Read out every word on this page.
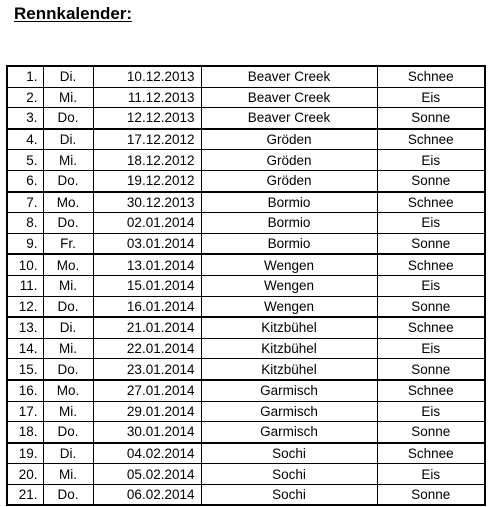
Rennkalender:
1.	Di.	10.12.2013	Beaver Creek	Schnee
2.	Mi.	11.12.2013	Beaver Creek	Eis
3.	Do.	12.12.2013	Beaver Creek	Sonne
4.	Di.	17.12.2012	Gröden	Schnee
5.	Mi.	18.12.2012	Gröden	Eis
6.	Do.	19.12.2012	Gröden	Sonne
7.	Mo.	30.12.2013	Bormio	Schnee
8.	Do.	02.01.2014	Bormio	Eis
9.	Fr.	03.01.2014	Bormio	Sonne
10.	Mo.	13.01.2014	Wengen	Schnee
11.	Mi.	15.01.2014	Wengen	Eis
12.	Do.	16.01.2014	Wengen	Sonne
13.	Di.	21.01.2014	Kitzbühel	Schnee
14.	Mi.	22.01.2014	Kitzbühel	Eis
15.	Do.	23.01.2014	Kitzbühel	Sonne
16.	Mo.	27.01.2014	Garmisch	Schnee
17.	Mi.	29.01.2014	Garmisch	Eis
18.	Do.	30.01.2014	Garmisch	Sonne
19.	Di.	04.02.2014	Sochi	Schnee
20.	Mi.	05.02.2014	Sochi	Eis
21.	Do.	06.02.2014	Sochi	Sonne
